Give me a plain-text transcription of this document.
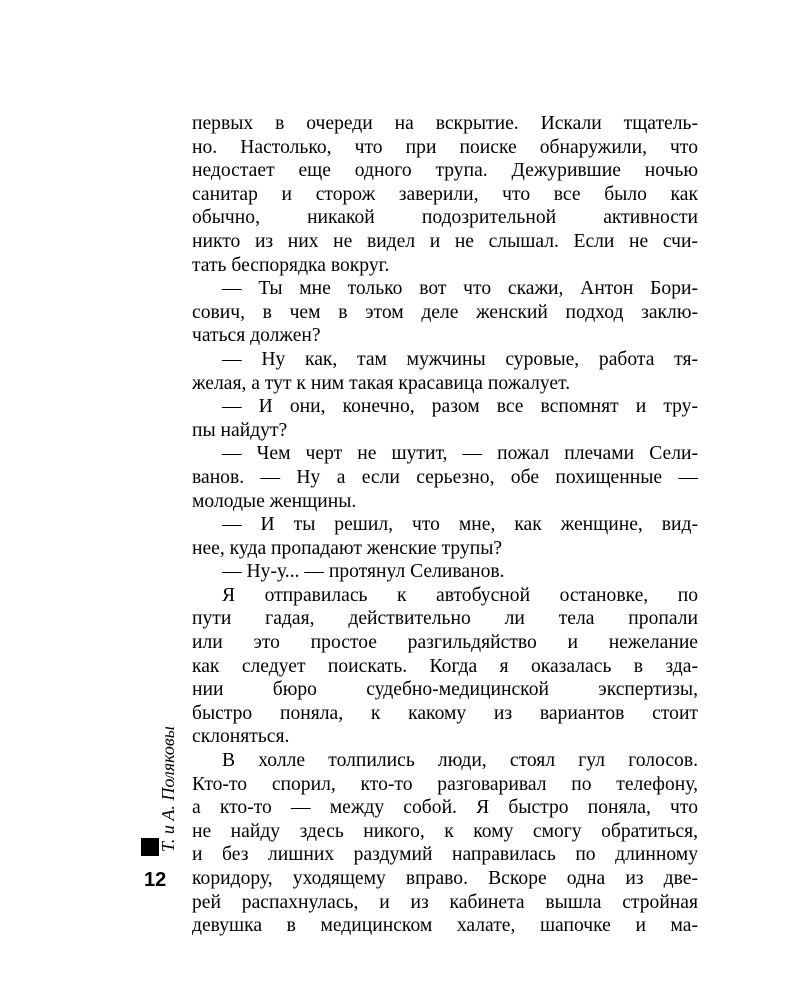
первых в очереди на вскрытие. Искали тщатель-
но. Настолько, что при поиске обнаружили, что
недостает еще одного трупа. Дежурившие ночью
санитар и сторож заверили, что все было как
обычно, никакой подозрительной активности
никто из них не видел и не слышал. Если не счи-
тать беспорядка вокруг.
— Ты мне только вот что скажи, Антон Бори-
сович, в чем в этом деле женский подход заклю-
чаться должен?
— Ну как, там мужчины суровые, работа тя-
желая, а тут к ним такая красавица пожалует.
— И они, конечно, разом все вспомнят и тру-
пы найдут?
— Чем черт не шутит, — пожал плечами Сели-
ванов. — Ну а если серьезно, обе похищенные —
молодые женщины.
— И ты решил, что мне, как женщине, вид-
нее, куда пропадают женские трупы?
— Ну-у... — протянул Селиванов.
Я отправилась к автобусной остановке, по
пути гадая, действительно ли тела пропали
или это простое разгильдяйство и нежелание
как следует поискать. Когда я оказалась в зда-
нии бюро судебно-медицинской экспертизы,
быстро поняла, к какому из вариантов стоит
склоняться.
В холле толпились люди, стоял гул голосов.
Кто-то спорил, кто-то разговаривал по телефону,
а кто-то — между собой. Я быстро поняла, что
не найду здесь никого, к кому смогу обратиться,
и без лишних раздумий направилась по длинному
коридору, уходящему вправо. Вскоре одна из две-
рей распахнулась, и из кабинета вышла стройная
девушка в медицинском халате, шапочке и ма-
Т. и А. Поляковы
12
